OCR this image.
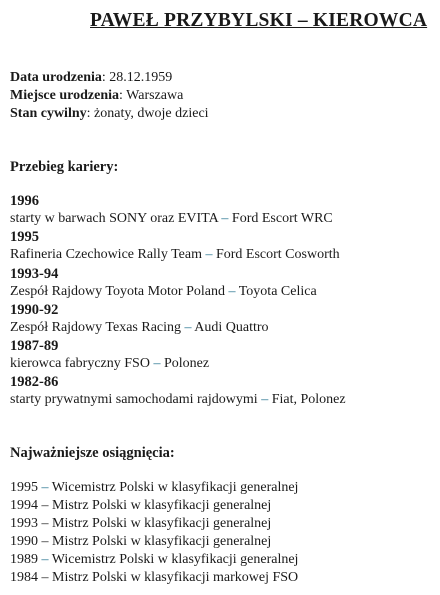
PAWEŁ PRZYBYLSKI – KIEROWCA
Data urodzenia: 28.12.1959
Miejsce urodzenia: Warszawa
Stan cywilny: żonaty, dwoje dzieci
Przebieg kariery:
1996
starty w barwach SONY oraz EVITA – Ford Escort WRC
1995
Rafineria Czechowice Rally Team – Ford Escort Cosworth
1993-94
Zespół Rajdowy Toyota Motor Poland – Toyota Celica
1990-92
Zespół Rajdowy Texas Racing – Audi Quattro
1987-89
kierowca fabryczny FSO – Polonez
1982-86
starty prywatnymi samochodami rajdowymi – Fiat, Polonez
Najważniejsze osiągnięcia:
1995 – Wicemistrz Polski w klasyfikacji generalnej
1994 – Mistrz Polski w klasyfikacji generalnej
1993 – Mistrz Polski w klasyfikacji generalnej
1990 – Mistrz Polski w klasyfikacji generalnej
1989 – Wicemistrz Polski w klasyfikacji generalnej
1984 – Mistrz Polski w klasyfikacji markowej FSO
